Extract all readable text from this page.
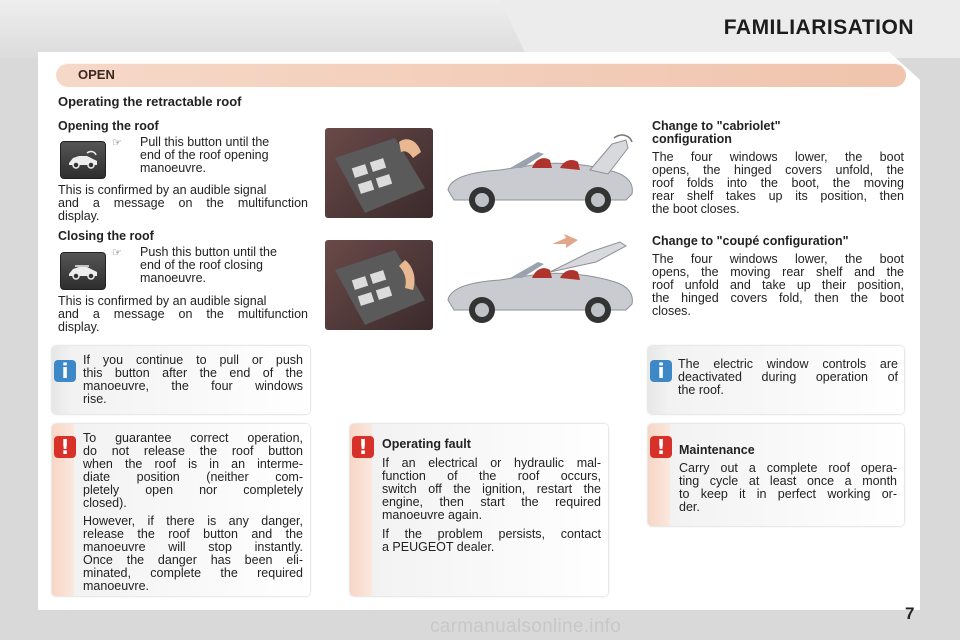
FAMILIARISATION
OPEN

Operating the retractable roof

Opening the roof

☞ Pull this button until the

end of the roof opening

manoeuvre.

This is confirmed by an audible signal

and a message on the multifunction

display.

Closing the roof

☞ Push this button until the

end of the roof closing

manoeuvre.

This is confirmed by an audible signal

and a message on the multifunction

display.

Change to "cabriolet"

configuration

The four windows lower, the boot

opens, the hinged covers unfold, the

roof folds into the boot, the moving

rear shelf takes up its position, then

the boot closes.

Change to "coupé configuration"

The four windows lower, the boot

opens, the moving rear shelf and the

roof unfold and take up their position,

the hinged covers fold, then the boot

closes.

i	If you continue to pull or push

this button after the end of the

manoeuvre, the four windows

rise.

i	The electric window controls are

deactivated during operation of

the roof.

!	To guarantee correct operation,

do not release the roof button

when the roof is in an interme-

diate position (neither com-

pletely open nor completely

closed).

However, if there is any danger,

release the roof button and the

manoeuvre will stop instantly.

Once the danger has been eli-

minated, complete the required

manoeuvre.

!	Operating fault

If an electrical or hydraulic mal-

function of the roof occurs,

switch off the ignition, restart the

engine, then start the required

manoeuvre again.

If the problem persists, contact

a PEUGEOT dealer.

!	Maintenance

Carry out a complete roof opera-

ting cycle at least once a month

to keep it in perfect working or-

der.

7

carmanualsonline.info
